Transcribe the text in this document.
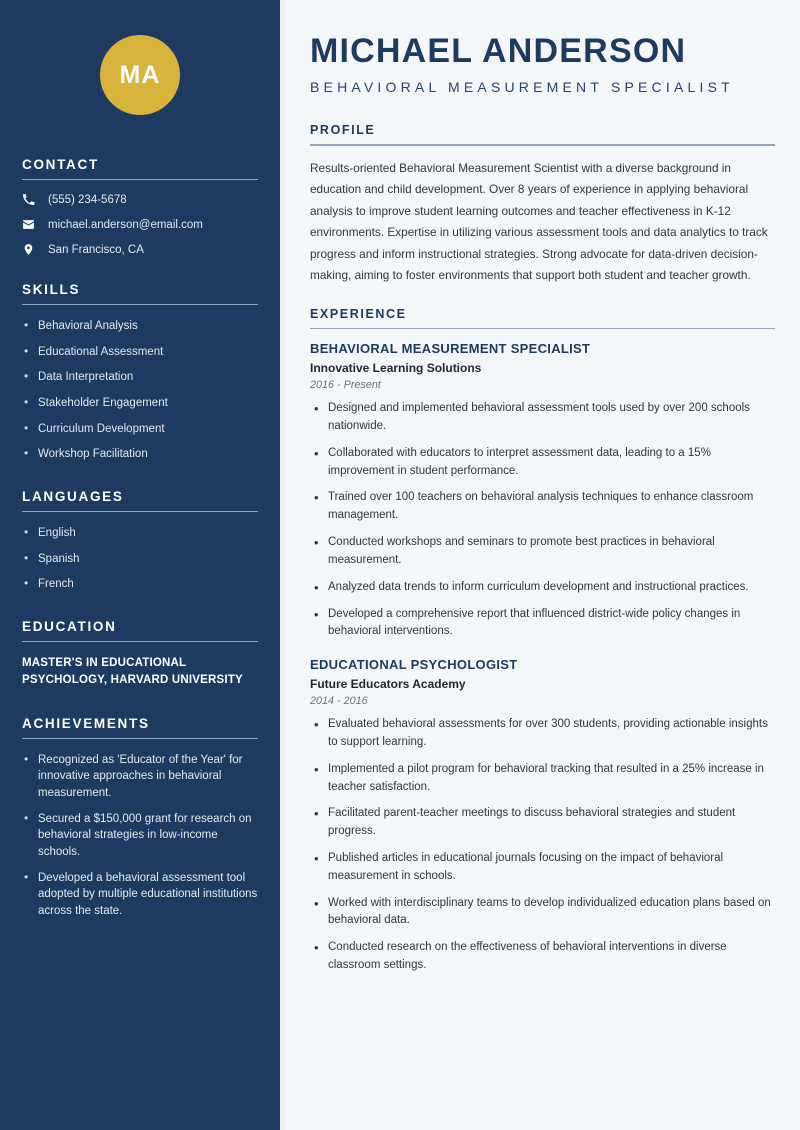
MA
CONTACT
(555) 234-5678
michael.anderson@email.com
San Francisco, CA
SKILLS
• Behavioral Analysis
• Educational Assessment
• Data Interpretation
• Stakeholder Engagement
• Curriculum Development
• Workshop Facilitation
LANGUAGES
• English
• Spanish
• French
EDUCATION
MASTER'S IN EDUCATIONAL PSYCHOLOGY, HARVARD UNIVERSITY
ACHIEVEMENTS
• Recognized as 'Educator of the Year' for innovative approaches in behavioral measurement.
• Secured a $150,000 grant for research on behavioral strategies in low-income schools.
• Developed a behavioral assessment tool adopted by multiple educational institutions across the state.
MICHAEL ANDERSON
BEHAVIORAL MEASUREMENT SPECIALIST
PROFILE

Results-oriented Behavioral Measurement Scientist with a diverse background in education and child development. Over 8 years of experience in applying behavioral analysis to improve student learning outcomes and teacher effectiveness in K-12 environments. Expertise in utilizing various assessment tools and data analytics to track progress and inform instructional strategies. Strong advocate for data-driven decision-making, aiming to foster environments that support both student and teacher growth.

EXPERIENCE
BEHAVIORAL MEASUREMENT SPECIALIST
Innovative Learning Solutions
2016 - Present
• Designed and implemented behavioral assessment tools used by over 200 schools nationwide.
• Collaborated with educators to interpret assessment data, leading to a 15% improvement in student performance.
• Trained over 100 teachers on behavioral analysis techniques to enhance classroom management.
• Conducted workshops and seminars to promote best practices in behavioral measurement.
• Analyzed data trends to inform curriculum development and instructional practices.
• Developed a comprehensive report that influenced district-wide policy changes in behavioral interventions.
EDUCATIONAL PSYCHOLOGIST
Future Educators Academy
2014 - 2016
• Evaluated behavioral assessments for over 300 students, providing actionable insights to support learning.
• Implemented a pilot program for behavioral tracking that resulted in a 25% increase in teacher satisfaction.
• Facilitated parent-teacher meetings to discuss behavioral strategies and student progress.
• Published articles in educational journals focusing on the impact of behavioral measurement in schools.
• Worked with interdisciplinary teams to develop individualized education plans based on behavioral data.
• Conducted research on the effectiveness of behavioral interventions in diverse classroom settings.
